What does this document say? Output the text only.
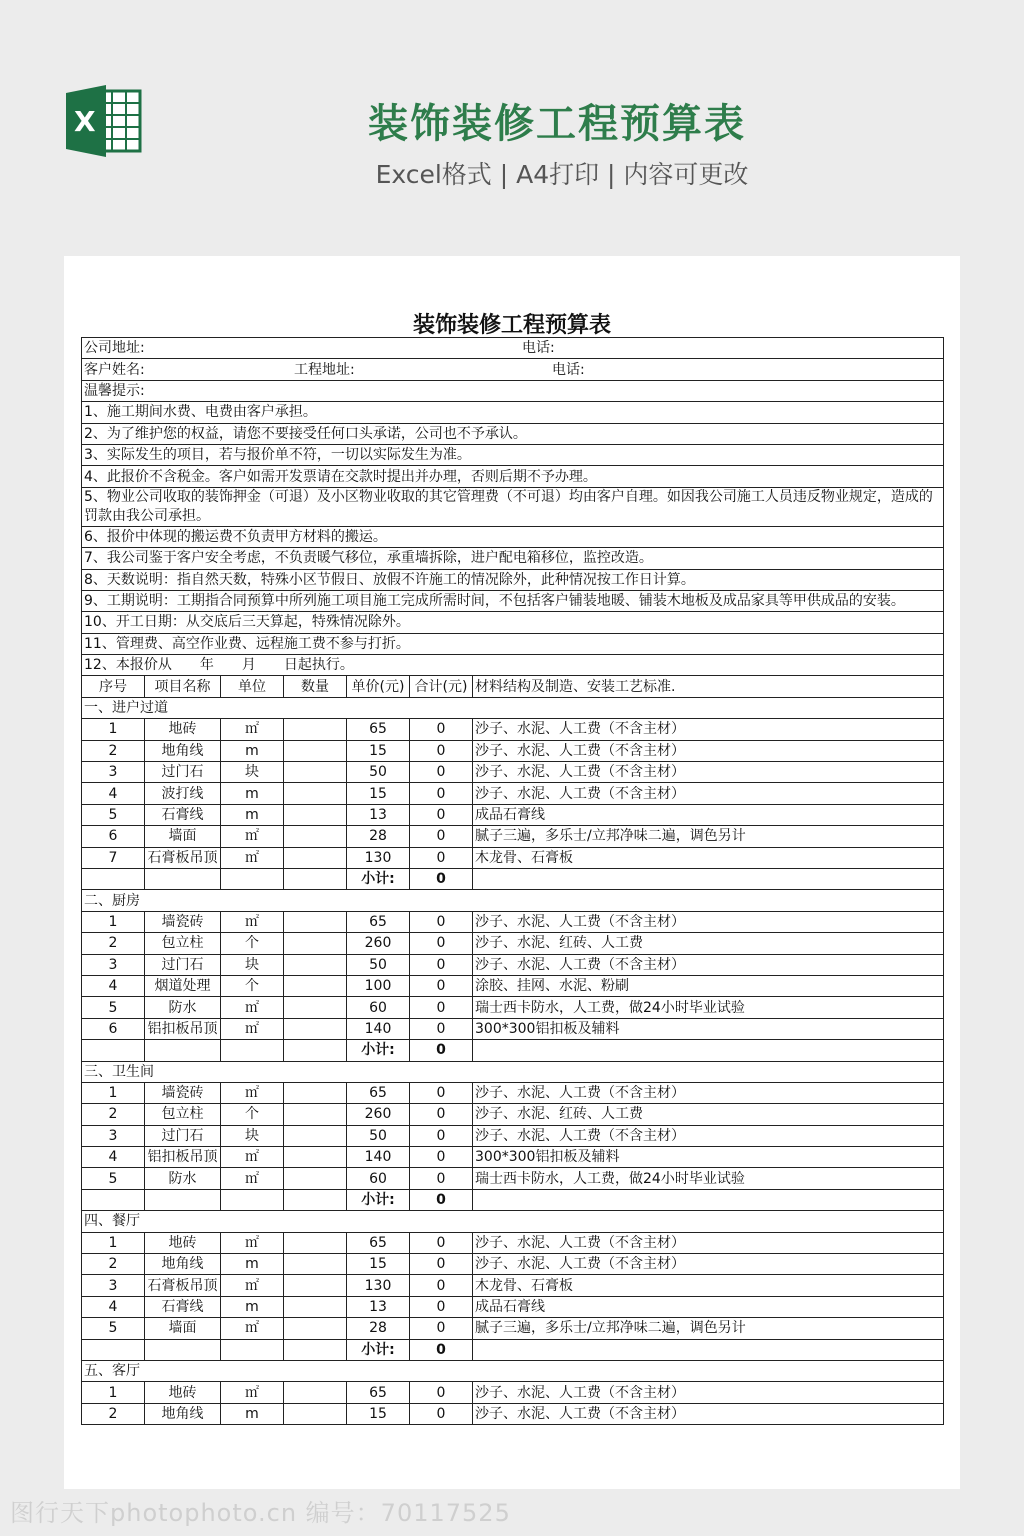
X	装饰装修工程预算表
Excel格式 | A4打印 | 内容可更改
装饰装修工程预算表
公司地址: 电话:						

客户姓名: 工程地址: 电话:						

温馨提示:						
1、施工期间水费、电费由客户承担。						
2、为了维护您的权益，请您不要接受任何口头承诺，公司也不予承认。						
3、实际发生的项目，若与报价单不符，一切以实际发生为准。						
4、此报价不含税金。客户如需开发票请在交款时提出并办理，否则后期不予办理。						
5、物业公司收取的装饰押金（可退）及小区物业收取的其它管理费（不可退）均由客户自理。如因我公司施工人员违反物业规定，造成的罚款由我公司承担。						
6、报价中体现的搬运费不负责甲方材料的搬运。						
7、我公司鉴于客户安全考虑，不负责暖气移位，承重墙拆除，进户配电箱移位，监控改造。						
8、天数说明：指自然天数，特殊小区节假日、放假不许施工的情况除外，此种情况按工作日计算。						
9、工期说明：工期指合同预算中所列施工项目施工完成所需时间，不包括客户铺装地暖、铺装木地板及成品家具等甲供成品的安装。						
10、开工日期：从交底后三天算起，特殊情况除外。						
11、管理费、高空作业费、远程施工费不参与打折。						
12、本报价从　　年　　月　　日起执行。						
序号	项目名称	单位	数量	单价(元)	合计(元)	材料结构及制造、安装工艺标准.
一、进户过道						
1	地砖	㎡		65	0	沙子、水泥、人工费（不含主材）
2	地角线	m		15	0	沙子、水泥、人工费（不含主材）
3	过门石	块		50	0	沙子、水泥、人工费（不含主材）
4	波打线	m		15	0	沙子、水泥、人工费（不含主材）
5	石膏线	m		13	0	成品石膏线
6	墙面	㎡		28	0	腻子三遍，多乐士/立邦净味二遍，调色另计
7	石膏板吊顶	㎡		130	0	木龙骨、石膏板
				小计:	0	
二、厨房						
1	墙瓷砖	㎡		65	0	沙子、水泥、人工费（不含主材）
2	包立柱	个		260	0	沙子、水泥、红砖、人工费
3	过门石	块		50	0	沙子、水泥、人工费（不含主材）
4	烟道处理	个		100	0	涂胶、挂网、水泥、粉刷
5	防水	㎡		60	0	瑞士西卡防水，人工费，做24小时毕业试验
6	铝扣板吊顶	㎡		140	0	300*300铝扣板及辅料
				小计:	0	
三、卫生间						
1	墙瓷砖	㎡		65	0	沙子、水泥、人工费（不含主材）
2	包立柱	个		260	0	沙子、水泥、红砖、人工费
3	过门石	块		50	0	沙子、水泥、人工费（不含主材）
4	铝扣板吊顶	㎡		140	0	300*300铝扣板及辅料
5	防水	㎡		60	0	瑞士西卡防水，人工费，做24小时毕业试验
				小计:	0	
四、餐厅						
1	地砖	㎡		65	0	沙子、水泥、人工费（不含主材）
2	地角线	m		15	0	沙子、水泥、人工费（不含主材）
3	石膏板吊顶	㎡		130	0	木龙骨、石膏板
4	石膏线	m		13	0	成品石膏线
5	墙面	㎡		28	0	腻子三遍，多乐士/立邦净味二遍，调色另计
				小计:	0	
五、客厅						
1	地砖	㎡		65	0	沙子、水泥、人工费（不含主材）
2	地角线	m		15	0	沙子、水泥、人工费（不含主材）
图行天下photophoto.cn 编号：70117525
